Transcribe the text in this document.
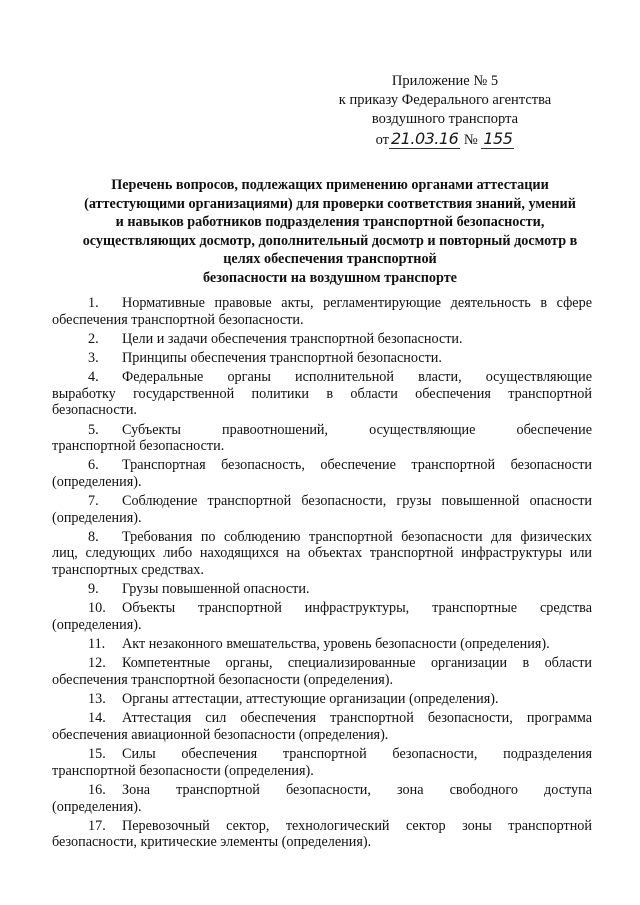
Приложение № 5
к приказу Федерального агентства
воздушного транспорта
от 21.03.16 № 155
Перечень вопросов, подлежащих применению органами аттестации
(аттестующими организациями) для проверки соответствия знаний, умений
и навыков работников подразделения транспортной безопасности,
осуществляющих досмотр, дополнительный досмотр и повторный досмотр в
целях обеспечения транспортной
безопасности на воздушном транспорте
1. Нормативные правовые акты, регламентирующие деятельность в сфере
обеспечения транспортной безопасности.
2. Цели и задачи обеспечения транспортной безопасности.
3. Принципы обеспечения транспортной безопасности.
4. Федеральные органы исполнительной власти, осуществляющие
выработку государственной политики в области обеспечения транспортной
безопасности.
5. Субъекты правоотношений, осуществляющие обеспечение
транспортной безопасности.
6. Транспортная безопасность, обеспечение транспортной безопасности
(определения).
7. Соблюдение транспортной безопасности, грузы повышенной опасности
(определения).
8. Требования по соблюдению транспортной безопасности для физических
лиц, следующих либо находящихся на объектах транспортной инфраструктуры или
транспортных средствах.
9. Грузы повышенной опасности.
10. Объекты транспортной инфраструктуры, транспортные средства
(определения).
11. Акт незаконного вмешательства, уровень безопасности (определения).
12. Компетентные органы, специализированные организации в области
обеспечения транспортной безопасности (определения).
13. Органы аттестации, аттестующие организации (определения).
14. Аттестация сил обеспечения транспортной безопасности, программа
обеспечения авиационной безопасности (определения).
15. Силы обеспечения транспортной безопасности, подразделения
транспортной безопасности (определения).
16. Зона транспортной безопасности, зона свободного доступа
(определения).
17. Перевозочный сектор, технологический сектор зоны транспортной
безопасности, критические элементы (определения).
